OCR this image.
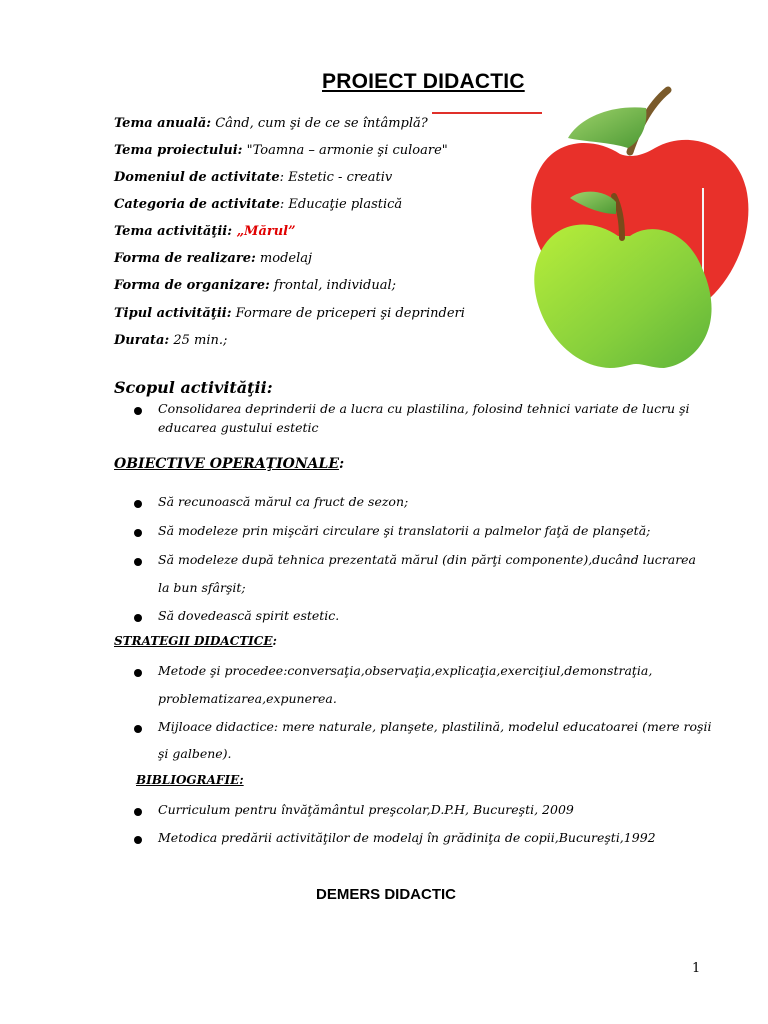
PROIECT DIDACTIC
Tema anuală: Când, cum şi de ce se întâmplă?
Tema proiectului: "Toamna – armonie şi culoare"
Domeniul de activitate: Estetic - creativ
Categoria de activitate: Educaţie plastică
Tema activităţii: „Mărul”
Forma de realizare: modelaj
Forma de organizare: frontal, individual;
Tipul activităţii: Formare de priceperi şi deprinderi
Durata: 25 min.;
Scopul activităţii:
Consolidarea deprinderii de a lucra cu plastilina, folosind tehnici variate de lucru şi
educarea gustului estetic
OBIECTIVE OPERAŢIONALE:
Să recunoască mărul ca fruct de sezon;
Să modeleze prin mişcări circulare şi translatorii a palmelor faţă de planşetă;
Să modeleze după tehnica prezentată mărul (din părţi componente),ducând lucrarea
la bun sfârşit;
Să dovedească spirit estetic.
STRATEGII DIDACTICE:
Metode şi procedee:conversaţia,observaţia,explicaţia,exerciţiul,demonstraţia,
problematizarea,expunerea.
Mijloace didactice: mere naturale, planşete, plastilină, modelul educatoarei (mere roşii
şi galbene).
BIBLIOGRAFIE:
Curriculum pentru învăţământul preşcolar,D.P.H, Bucureşti, 2009
Metodica predării activităţilor de modelaj în grădiniţa de copii,Bucureşti,1992
DEMERS DIDACTIC
1
